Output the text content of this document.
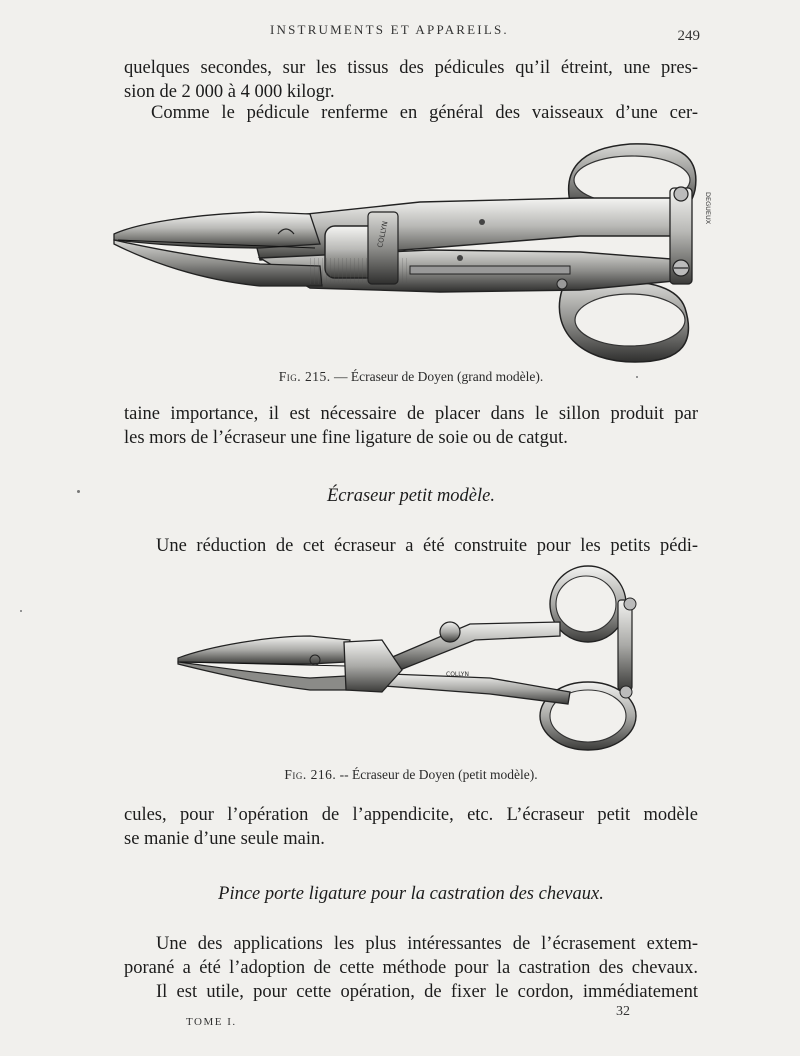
INSTRUMENTS ET APPAREILS.	249
quelques secondes, sur les tissus des pédicules qu’il étreint, une pres-
sion de 2 000 à 4 000 kilogr.
Comme le pédicule renferme en général des vaisseaux d’une cer-
COLLYN
DEGUEUX
Fig. 215. — Écraseur de Doyen (grand modèle).
taine importance, il est nécessaire de placer dans le sillon produit par
les mors de l’écraseur une fine ligature de soie ou de catgut.
Écraseur petit modèle.
Une réduction de cet écraseur a été construite pour les petits pédi-
COLLYN
Fig. 216. -- Écraseur de Doyen (petit modèle).
cules, pour l’opération de l’appendicite, etc. L’écraseur petit modèle
se manie d’une seule main.
Pince porte ligature pour la castration des chevaux.
Une des applications les plus intéressantes de l’écrasement extem-
porané a été l’adoption de cette méthode pour la castration des chevaux.
Il est utile, pour cette opération, de fixer le cordon, immédiatement
TOME I.
32
